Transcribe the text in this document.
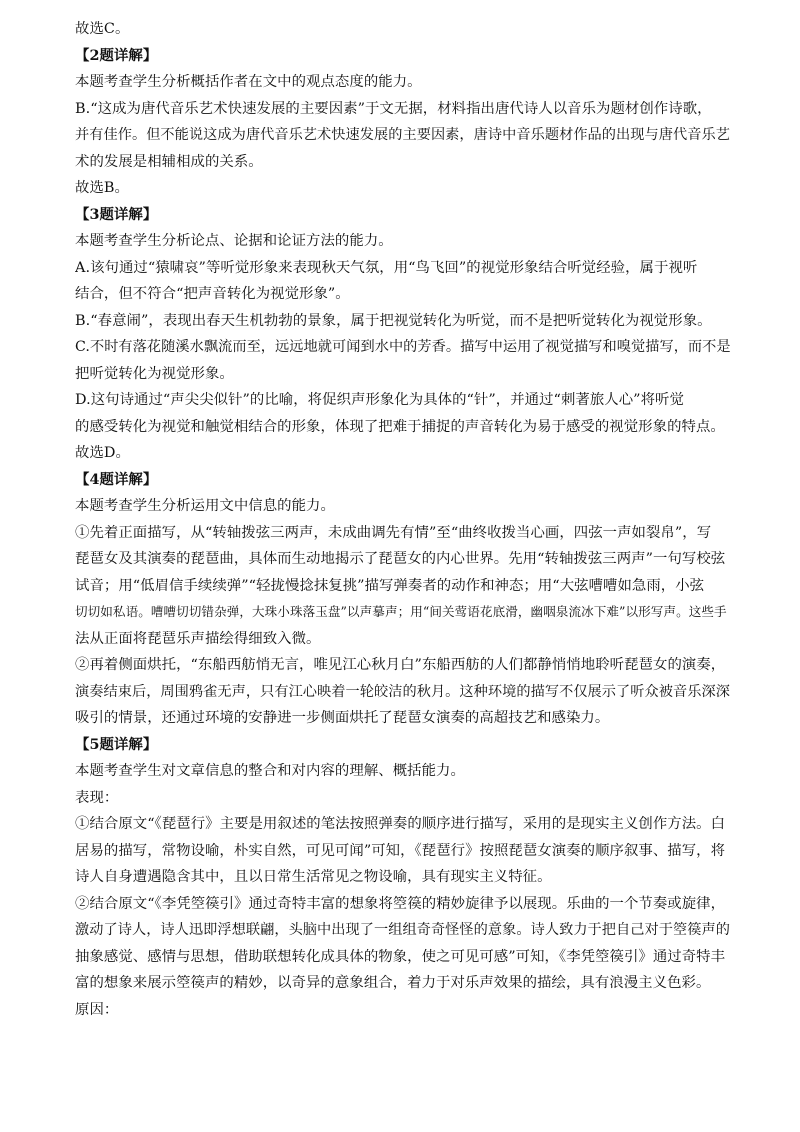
故选C。
【2题详解】
本题考查学生分析概括作者在文中的观点态度的能力。
B.“这成为唐代音乐艺术快速发展的主要因素”于文无据，材料指出唐代诗人以音乐为题材创作诗歌，
并有佳作。但不能说这成为唐代音乐艺术快速发展的主要因素，唐诗中音乐题材作品的出现与唐代音乐艺
术的发展是相辅相成的关系。
故选B。
【3题详解】
本题考查学生分析论点、论据和论证方法的能力。
A.该句通过“猿啸哀”等听觉形象来表现秋天气氛，用“鸟飞回”的视觉形象结合听觉经验，属于视听
结合，但不符合“把声音转化为视觉形象”。
B.“春意闹”，表现出春天生机勃勃的景象，属于把视觉转化为听觉，而不是把听觉转化为视觉形象。
C.不时有落花随溪水飘流而至，远远地就可闻到水中的芳香。描写中运用了视觉描写和嗅觉描写，而不是
把听觉转化为视觉形象。
D.这句诗通过“声尖尖似针”的比喻，将促织声形象化为具体的“针”，并通过“刺著旅人心”将听觉
的感受转化为视觉和触觉相结合的形象，体现了把难于捕捉的声音转化为易于感受的视觉形象的特点。
故选D。
【4题详解】
本题考查学生分析运用文中信息的能力。
①先着正面描写，从“转轴拨弦三两声，未成曲调先有情”至“曲终收拨当心画，四弦一声如裂帛”，写
琵琶女及其演奏的琵琶曲，具体而生动地揭示了琵琶女的内心世界。先用“转轴拨弦三两声”一句写校弦
试音；用“低眉信手续续弹”“轻拢慢捻抹复挑”描写弹奏者的动作和神态；用“大弦嘈嘈如急雨，小弦
切切如私语。嘈嘈切切错杂弹，大珠小珠落玉盘”以声摹声；用“间关莺语花底滑，幽咽泉流冰下难”以形写声。这些手
法从正面将琵琶乐声描绘得细致入微。
②再着侧面烘托，“东船西舫悄无言，唯见江心秋月白”东船西舫的人们都静悄悄地聆听琵琶女的演奏，
演奏结束后，周围鸦雀无声，只有江心映着一轮皎洁的秋月。这种环境的描写不仅展示了听众被音乐深深
吸引的情景，还通过环境的安静进一步侧面烘托了琵琶女演奏的高超技艺和感染力。
【5题详解】
本题考查学生对文章信息的整合和对内容的理解、概括能力。
表现：
①结合原文“《琵琶行》主要是用叙述的笔法按照弹奏的顺序进行描写，采用的是现实主义创作方法。白
居易的描写，常物设喻，朴实自然，可见可闻”可知，《琵琶行》按照琵琶女演奏的顺序叙事、描写，将
诗人自身遭遇隐含其中，且以日常生活常见之物设喻，具有现实主义特征。
②结合原文“《李凭箜篌引》通过奇特丰富的想象将箜篌的精妙旋律予以展现。乐曲的一个节奏或旋律，
激动了诗人，诗人迅即浮想联翩，头脑中出现了一组组奇奇怪怪的意象。诗人致力于把自己对于箜篌声的
抽象感觉、感情与思想，借助联想转化成具体的物象，使之可见可感”可知，《李凭箜篌引》通过奇特丰
富的想象来展示箜篌声的精妙，以奇异的意象组合，着力于对乐声效果的描绘，具有浪漫主义色彩。
原因：
